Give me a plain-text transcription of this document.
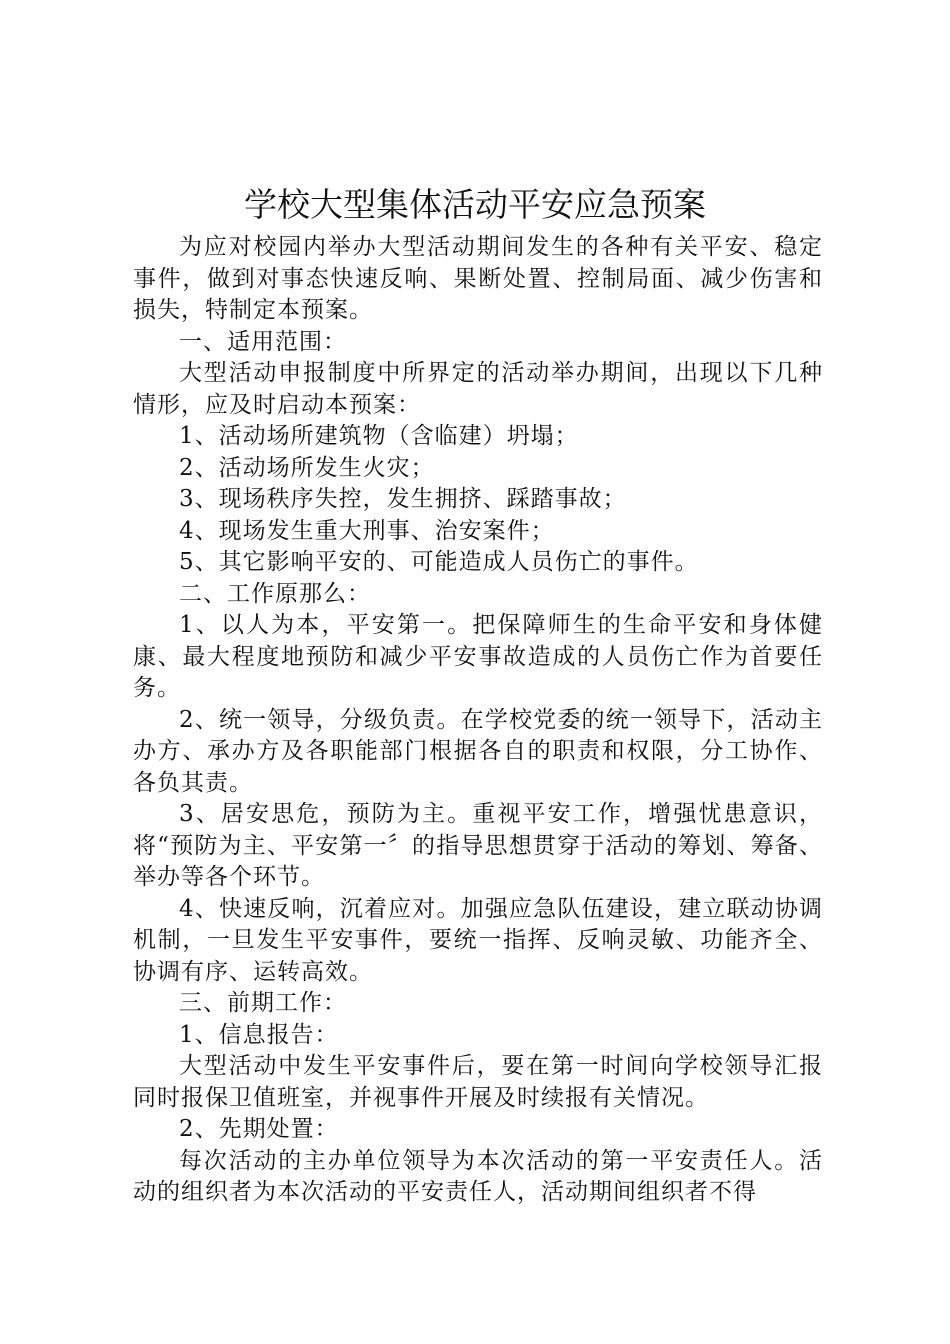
学校大型集体活动平安应急预案

为应对校园内举办大型活动期间发生的各种有关平安、稳定事件，做到对事态快速反响、果断处置、控制局面、减少伤害和损失，特制定本预案。

一、适用范围：

大型活动申报制度中所界定的活动举办期间，出现以下几种情形，应及时启动本预案：

1、活动场所建筑物（含临建）坍塌；

2、活动场所发生火灾；

3、现场秩序失控，发生拥挤、踩踏事故；

4、现场发生重大刑事、治安案件；

5、其它影响平安的、可能造成人员伤亡的事件。

二、工作原那么：

1、以人为本，平安第一。把保障师生的生命平安和身体健康、最大程度地预防和减少平安事故造成的人员伤亡作为首要任务。

2、统一领导，分级负责。在学校党委的统一领导下，活动主办方、承办方及各职能部门根据各自的职责和权限，分工协作、各负其责。

3、居安思危，预防为主。重视平安工作，增强忧患意识，将“预防为主、平安第一〞的指导思想贯穿于活动的筹划、筹备、举办等各个环节。

4、快速反响，沉着应对。加强应急队伍建设，建立联动协调机制，一旦发生平安事件，要统一指挥、反响灵敏、功能齐全、协调有序、运转高效。

三、前期工作：

1、信息报告：

大型活动中发生平安事件后，要在第一时间向学校领导汇报同时报保卫值班室，并视事件开展及时续报有关情况。

2、先期处置：

每次活动的主办单位领导为本次活动的第一平安责任人。活动的组织者为本次活动的平安责任人，活动期间组织者不得
